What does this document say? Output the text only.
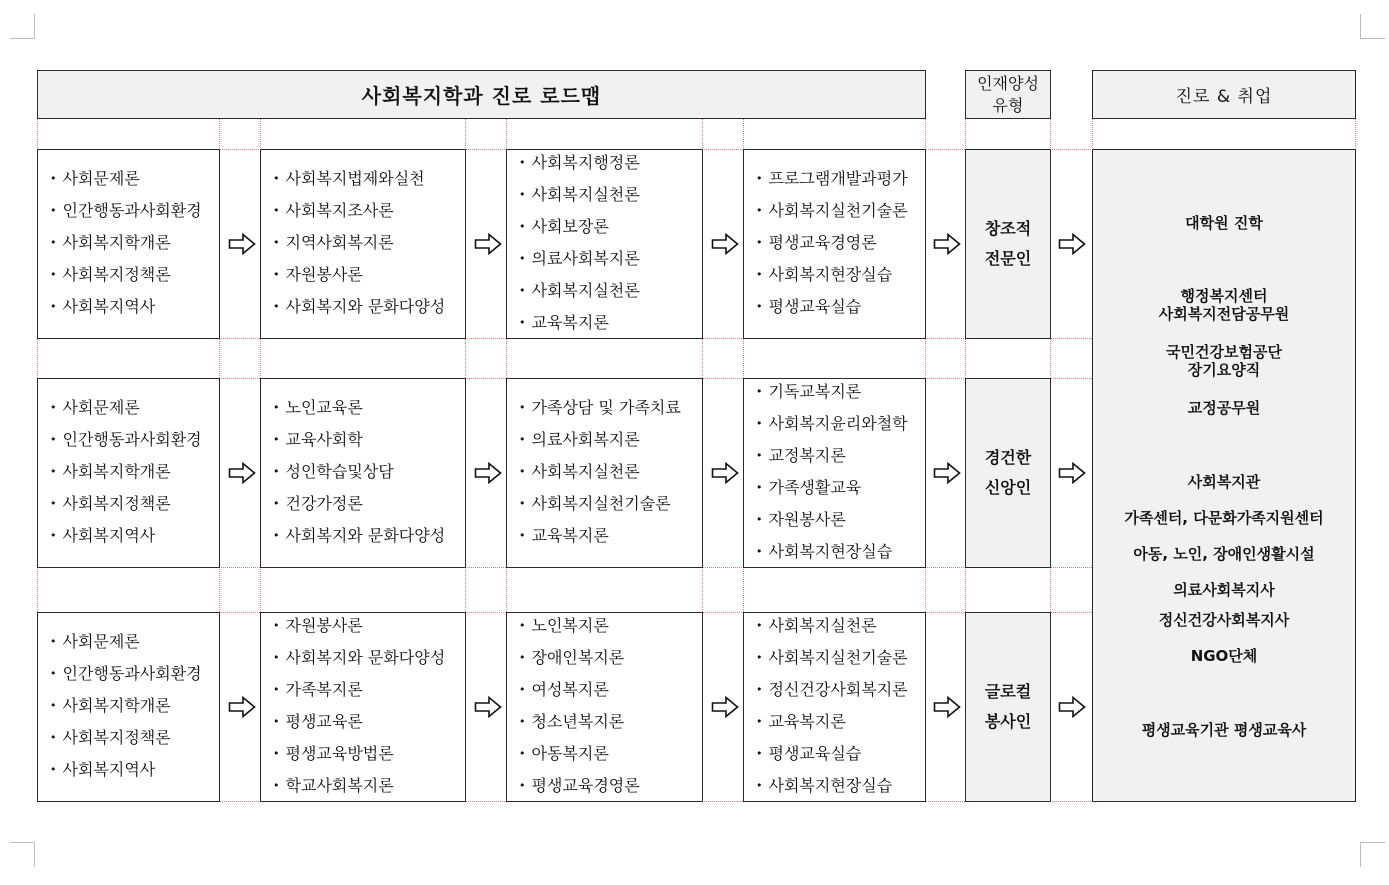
사회복지학과 진로 로드맵
인재양성
유형	진로 & 취업
• 사회문제론
• 인간행동과사회환경
• 사회복지학개론
• 사회복지정책론
• 사회복지역사
• 사회복지법제와실천
• 사회복지조사론
• 지역사회복지론
• 자원봉사론
• 사회복지와 문화다양성
• 사회복지행정론
• 사회복지실천론
• 사회보장론
• 의료사회복지론
• 사회복지실천론
• 교육복지론
• 프로그램개발과평가
• 사회복지실천기술론
• 평생교육경영론
• 사회복지현장실습
• 평생교육실습
창조적
전문인
• 사회문제론
• 인간행동과사회환경
• 사회복지학개론
• 사회복지정책론
• 사회복지역사
• 노인교육론
• 교육사회학
• 성인학습및상담
• 건강가정론
• 사회복지와 문화다양성
• 가족상담 및 가족치료
• 의료사회복지론
• 사회복지실천론
• 사회복지실천기술론
• 교육복지론
• 기독교복지론
• 사회복지윤리와철학
• 교정복지론
• 가족생활교육
• 자원봉사론
• 사회복지현장실습
경건한
신앙인
• 사회문제론
• 인간행동과사회환경
• 사회복지학개론
• 사회복지정책론
• 사회복지역사
• 자원봉사론
• 사회복지와 문화다양성
• 가족복지론
• 평생교육론
• 평생교육방법론
• 학교사회복지론
• 노인복지론
• 장애인복지론
• 여성복지론
• 청소년복지론
• 아동복지론
• 평생교육경영론
• 사회복지실천론
• 사회복지실천기술론
• 정신건강사회복지론
• 교육복지론
• 평생교육실습
• 사회복지현장실습
글로컬
봉사인
대학원 진학
행정복지센터
사회복지전담공무원
국민건강보험공단
장기요양직
교정공무원
사회복지관
가족센터, 다문화가족지원센터
아동, 노인, 장애인생활시설
의료사회복지사
정신건강사회복지사
NGO단체
평생교육기관 평생교육사
